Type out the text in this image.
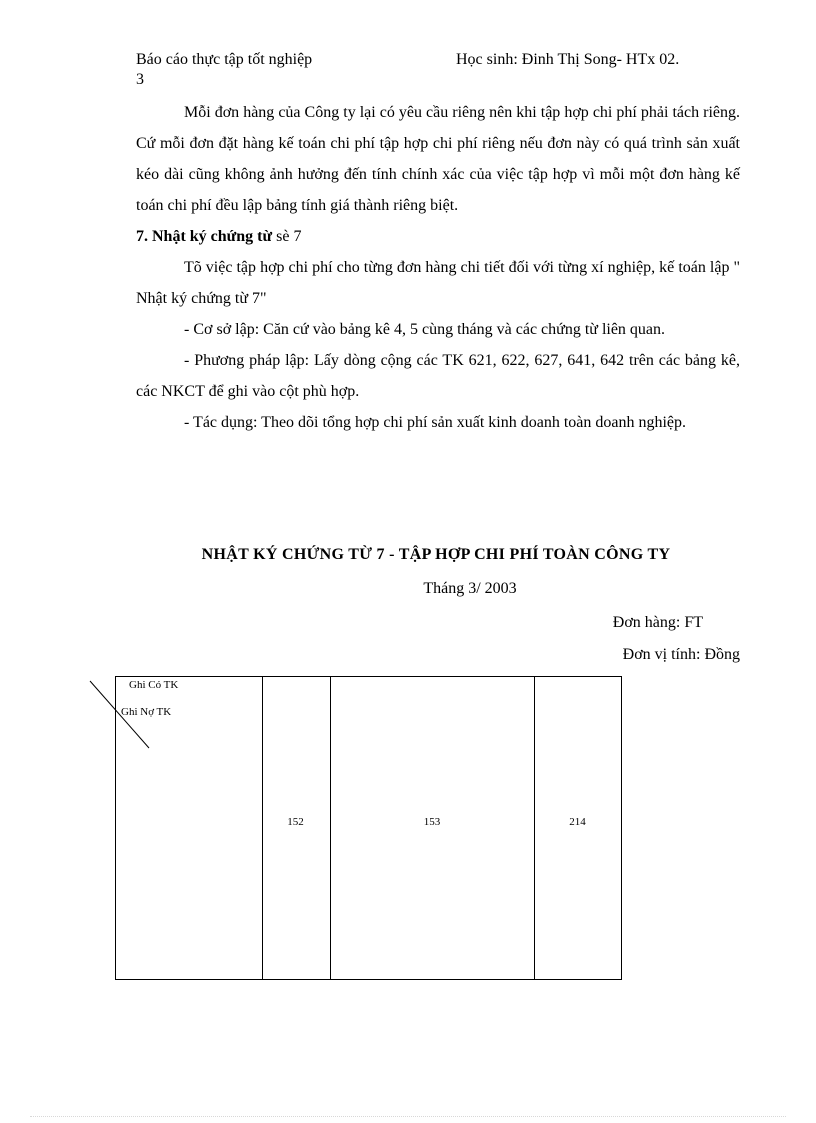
Báo cáo thực tập tốt nghiệp
3
Học sinh: Đinh Thị Song- HTx 02.

Mỗi đơn hàng của Công ty lại có yêu cầu riêng nên khi tập hợp chi phí phải tách riêng. Cứ mỗi đơn đặt hàng kế toán chi phí tập hợp chi phí riêng nếu đơn này có quá trình sản xuất kéo dài cũng không ảnh hưởng đến tính chính xác của việc tập hợp vì mỗi một đơn hàng kế toán chi phí đều lập bảng tính giá thành riêng biệt.

7. Nhật ký chứng từ sè 7

Tõ việc tập hợp chi phí cho từng đơn hàng chi tiết đối với từng xí nghiệp, kế toán lập " Nhật ký chứng từ 7"

- Cơ sở lập: Căn cứ vào bảng kê 4, 5 cùng tháng và các chứng từ liên quan.

- Phương pháp lập: Lấy dòng cộng các TK 621, 622, 627, 641, 642 trên các bảng kê, các NKCT để ghi vào cột phù hợp.

- Tác dụng: Theo dõi tổng hợp chi phí sản xuất kinh doanh toàn doanh nghiệp.

NHẬT KÝ CHỨNG TỪ 7 - TẬP HỢP CHI PHÍ TOÀN CÔNG TY
Tháng 3/ 2003
Đơn hàng: FT
Đơn vị tính: Đồng
Ghi Có TK
Ghi Nợ TK
152	153	214
